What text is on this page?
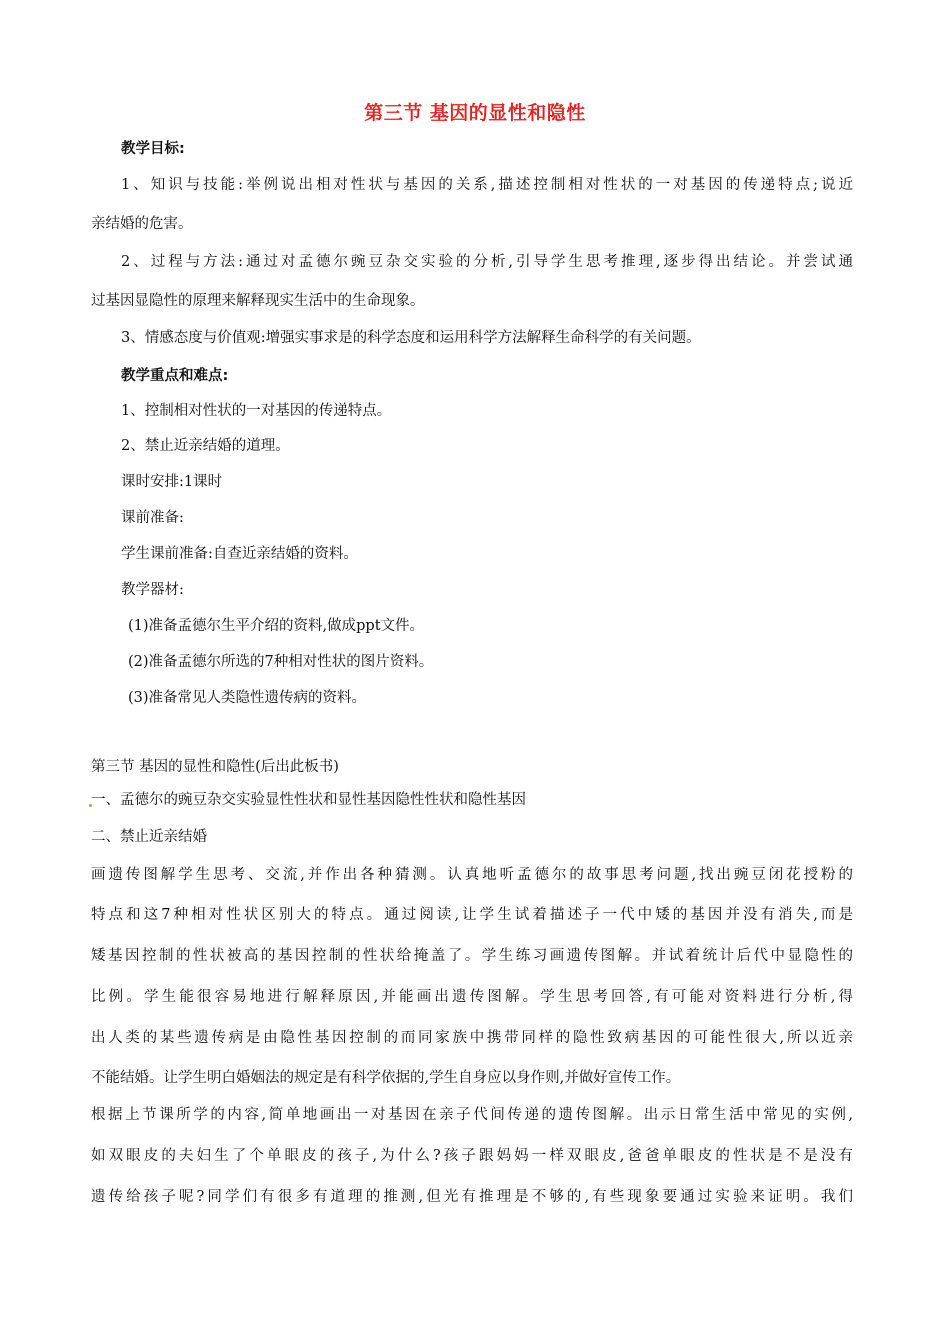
第三节 基因的显性和隐性
教学目标:
1、知识与技能:举例说出相对性状与基因的关系,描述控制相对性状的一对基因的传递特点;说近
亲结婚的危害。
2、过程与方法:通过对孟德尔豌豆杂交实验的分析,引导学生思考推理,逐步得出结论。并尝试通
过基因显隐性的原理来解释现实生活中的生命现象。
3、情感态度与价值观:增强实事求是的科学态度和运用科学方法解释生命科学的有关问题。
教学重点和难点:
1、控制相对性状的一对基因的传递特点。
2、禁止近亲结婚的道理。
课时安排:1课时
课前准备:
学生课前准备:自查近亲结婚的资料。
教学器材:
(1)准备孟德尔生平介绍的资料,做成ppt文件。
(2)准备孟德尔所选的7种相对性状的图片资料。
(3)准备常见人类隐性遗传病的资料。
第三节 基因的显性和隐性(后出此板书)
一、孟德尔的豌豆杂交实验显性性状和显性基因隐性性状和隐性基因
二、禁止近亲结婚
画遗传图解学生思考、交流,并作出各种猜测。认真地听孟德尔的故事思考问题,找出豌豆闭花授粉的
特点和这7种相对性状区别大的特点。通过阅读,让学生试着描述子一代中矮的基因并没有消失,而是
矮基因控制的性状被高的基因控制的性状给掩盖了。学生练习画遗传图解。并试着统计后代中显隐性的
比例。学生能很容易地进行解释原因,并能画出遗传图解。学生思考回答,有可能对资料进行分析,得
出人类的某些遗传病是由隐性基因控制的而同家族中携带同样的隐性致病基因的可能性很大,所以近亲
不能结婚。让学生明白婚姻法的规定是有科学依据的,学生自身应以身作则,并做好宣传工作。
根据上节课所学的内容,简单地画出一对基因在亲子代间传递的遗传图解。出示日常生活中常见的实例,
如双眼皮的夫妇生了个单眼皮的孩子,为什么?孩子跟妈妈一样双眼皮,爸爸单眼皮的性状是不是没有
遗传给孩子呢?同学们有很多有道理的推测,但光有推理是不够的,有些现象要通过实验来证明。我们
